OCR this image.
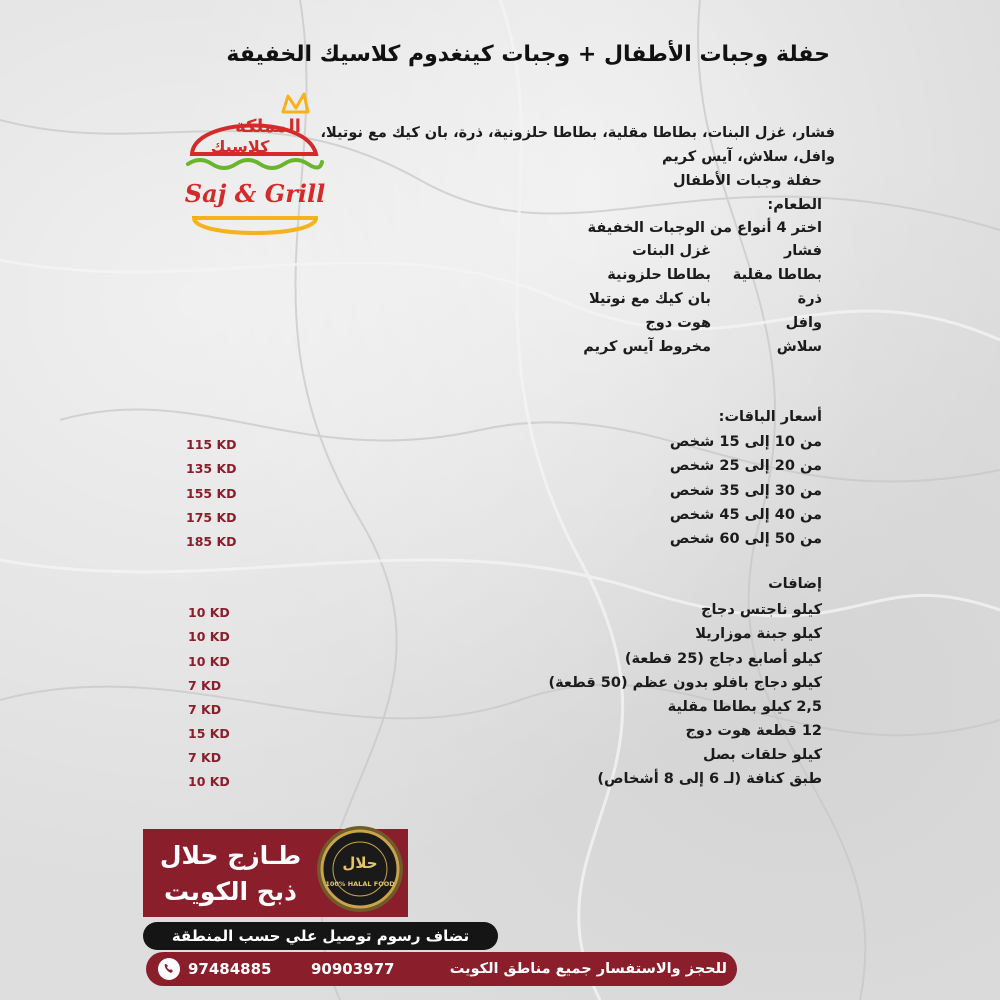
حفلة وجبات الأطفال + وجبات كينغدوم كلاسيك الخفيفة
المملكة
كلاسيك
Saj & Grill
فشار، غزل البنات، بطاطا مقلية، بطاطا حلزونية، ذرة، بان كيك مع نوتيلا،
وافل، سلاش، آيس كريم
حفلة وجبات الأطفال
الطعام:
اختر 4 أنواع من الوجبات الخفيفة
فشار
غزل البنات
بطاطا مقلية
بطاطا حلزونية
ذرة
بان كيك مع نوتيلا
وافل
هوت دوج
سلاش
مخروط آيس كريم
أسعار الباقات:
من 10 إلى 15 شخص
115 KD
من 20 إلى 25 شخص
135 KD
من 30 إلى 35 شخص
155 KD
من 40 إلى 45 شخص
175 KD
من 50 إلى 60 شخص
185 KD
إضافات
كيلو ناجتس دجاج
10 KD
كيلو جبنة موزاريلا
10 KD
كيلو أصابع دجاج (25 قطعة)
10 KD
كيلو دجاج بافلو بدون عظم (50 قطعة)
7 KD
2,5 كيلو بطاطا مقلية
7 KD
12 قطعة هوت دوج
15 KD
كيلو حلقات بصل
7 KD
طبق كنافة (لـ 6 إلى 8 أشخاص)
10 KD
طـازج حلال
ذبح الكويت
حلال
100% HALAL FOOD
تضاف رسوم توصيل علي حسب المنطقة
للحجز والاستفسار جميع مناطق الكويت
90903977
97484885
